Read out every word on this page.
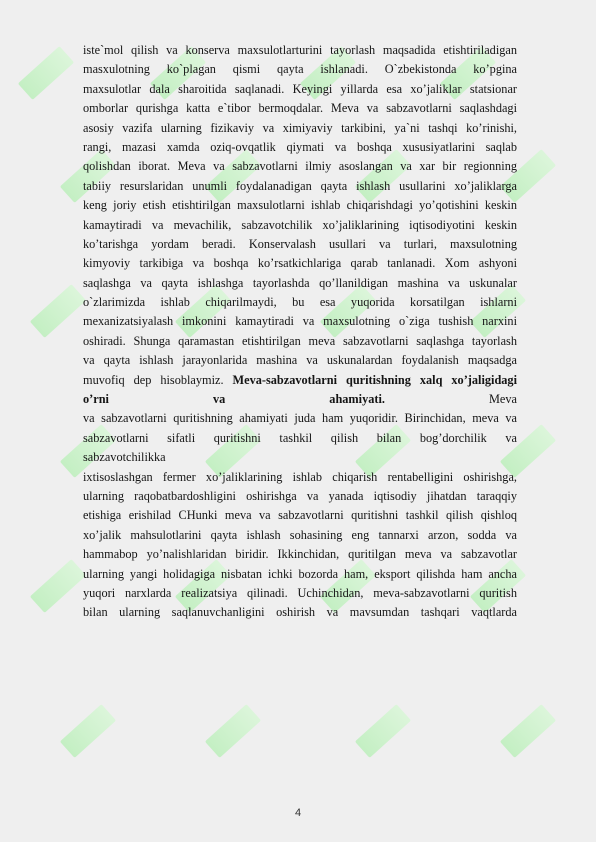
iste`mol qilish va konserva maxsulotlarturini tayorlash maqsadida etishtiriladigan
masxulotning ko`plagan qismi qayta ishlanadi. O`zbekistonda ko’pgina
maxsulotlar dala sharoitida saqlanadi. Keyingi yillarda esa xo’jaliklar statsionar
omborlar qurishga katta e`tibor bermoqdalar. Meva va sabzavotlarni saqlashdagi
asosiy vazifa ularning fizikaviy va ximiyaviy tarkibini, ya`ni tashqi ko’rinishi,
rangi, mazasi xamda oziq-ovqatlik qiymati va boshqa xususiyatlarini saqlab
qolishdan iborat. Meva va sabzavotlarni ilmiy asoslangan va xar bir regionning
tabiiy resurslaridan unumli foydalanadigan qayta ishlash usullarini xo’jaliklarga
keng joriy etish etishtirilgan maxsulotlarni ishlab chiqarishdagi yo’qotishini keskin
kamaytiradi va mevachilik, sabzavotchilik xo’jaliklarining iqtisodiyotini keskin
ko’tarishga yordam beradi. Konservalash usullari va turlari, maxsulotning
kimyoviy tarkibiga va boshqa ko’rsatkichlariga qarab tanlanadi. Xom ashyoni
saqlashga va qayta ishlashga tayorlashda qo’llanildigan mashina va uskunalar
o`zlarimizda ishlab chiqarilmaydi, bu esa yuqorida korsatilgan ishlarni
mexanizatsiyalash imkonini kamaytiradi va maxsulotning o`ziga tushish narxini
oshiradi. Shunga qaramastan etishtirilgan meva sabzavotlarni saqlashga tayorlash
va qayta ishlash jarayonlarida mashina va uskunalardan foydalanish maqsadga
muvofiq dep hisoblaymiz. Meva-sabzavotlarni quritishning xalq xo’jaligidagi
o’rni	va	ahamiyati.	Meva
va sabzavotlarni quritishning ahamiyati juda ham yuqoridir. Birinchidan, meva va
sabzavotlarni sifatli quritishni tashkil qilish bilan bog’dorchilik va
sabzavotchilikka
ixtisoslashgan fermer xo’jaliklarining ishlab chiqarish rentabelligini oshirishga,
ularning raqobatbardoshligini oshirishga va yanada iqtisodiy jihatdan taraqqiy
etishiga erishilad CHunki meva va sabzavotlarni quritishni tashkil qilish qishloq
xo’jalik mahsulotlarini qayta ishlash sohasining eng tannarxi arzon, sodda va
hammabop yo’nalishlaridan biridir. Ikkinchidan, quritilgan meva va sabzavotlar
ularning yangi holidagiga nisbatan ichki bozorda ham, eksport qilishda ham ancha
yuqori narxlarda realizatsiya qilinadi. Uchinchidan, meva-sabzavotlarni quritish
bilan ularning saqlanuvchanligini oshirish va mavsumdan tashqari vaqtlarda
4
